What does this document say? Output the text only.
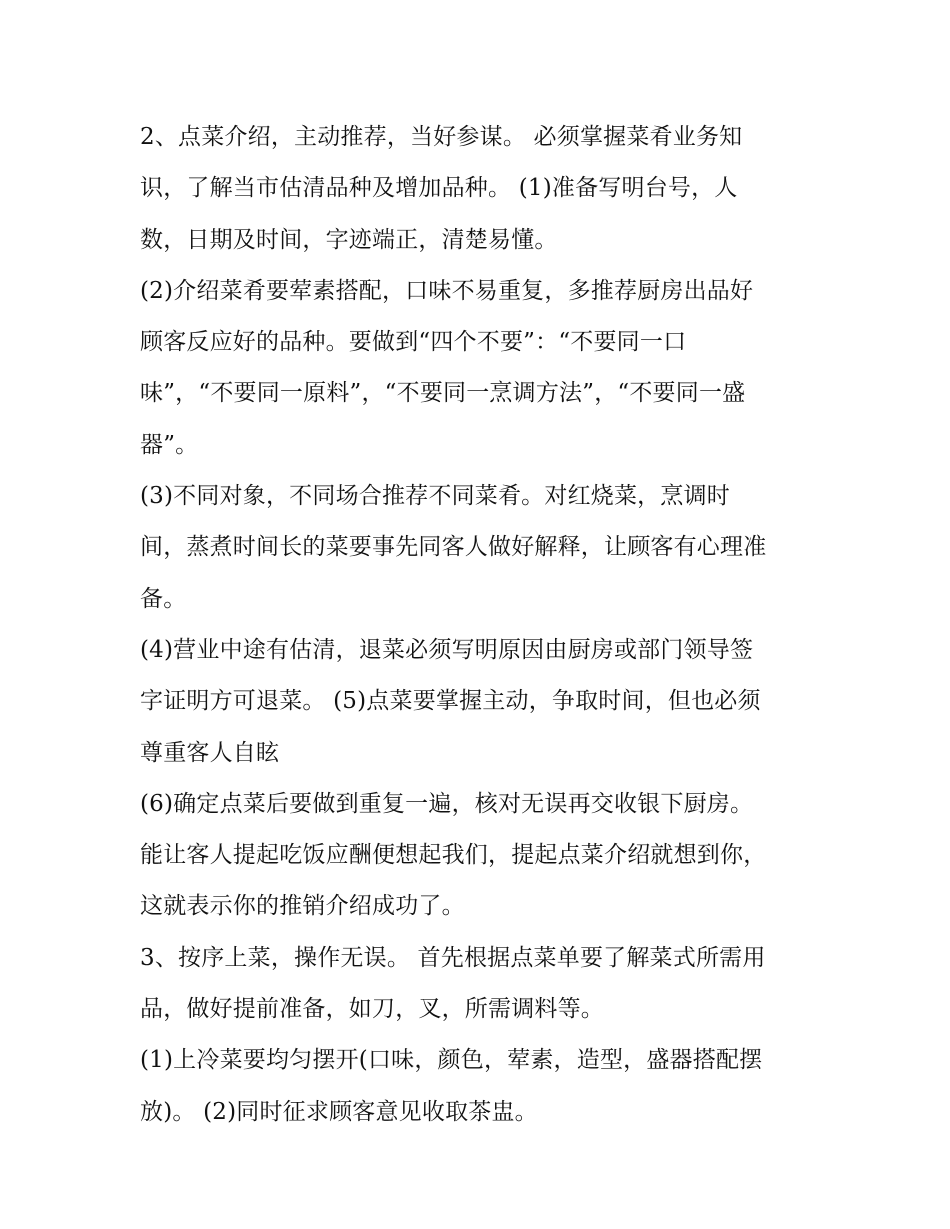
2、点菜介绍，主动推荐，当好参谋。 必须掌握菜肴业务知
识，了解当市估清品种及增加品种。 (1)准备写明台号，人
数，日期及时间，字迹端正，清楚易懂。
(2)介绍菜肴要荤素搭配，口味不易重复，多推荐厨房出品好
顾客反应好的品种。要做到“四个不要”：“不要同一口
味”，“不要同一原料”，“不要同一烹调方法”，“不要同一盛
器”。
(3)不同对象，不同场合推荐不同菜肴。对红烧菜，烹调时
间，蒸煮时间长的菜要事先同客人做好解释，让顾客有心理准
备。
(4)营业中途有估清，退菜必须写明原因由厨房或部门领导签
字证明方可退菜。 (5)点菜要掌握主动，争取时间，但也必须
尊重客人自眩
(6)确定点菜后要做到重复一遍，核对无误再交收银下厨房。
能让客人提起吃饭应酬便想起我们，提起点菜介绍就想到你，
这就表示你的推销介绍成功了。
3、按序上菜，操作无误。 首先根据点菜单要了解菜式所需用
品，做好提前准备，如刀，叉，所需调料等。
(1)上冷菜要均匀摆开(口味，颜色，荤素，造型，盛器搭配摆
放)。 (2)同时征求顾客意见收取茶盅。
